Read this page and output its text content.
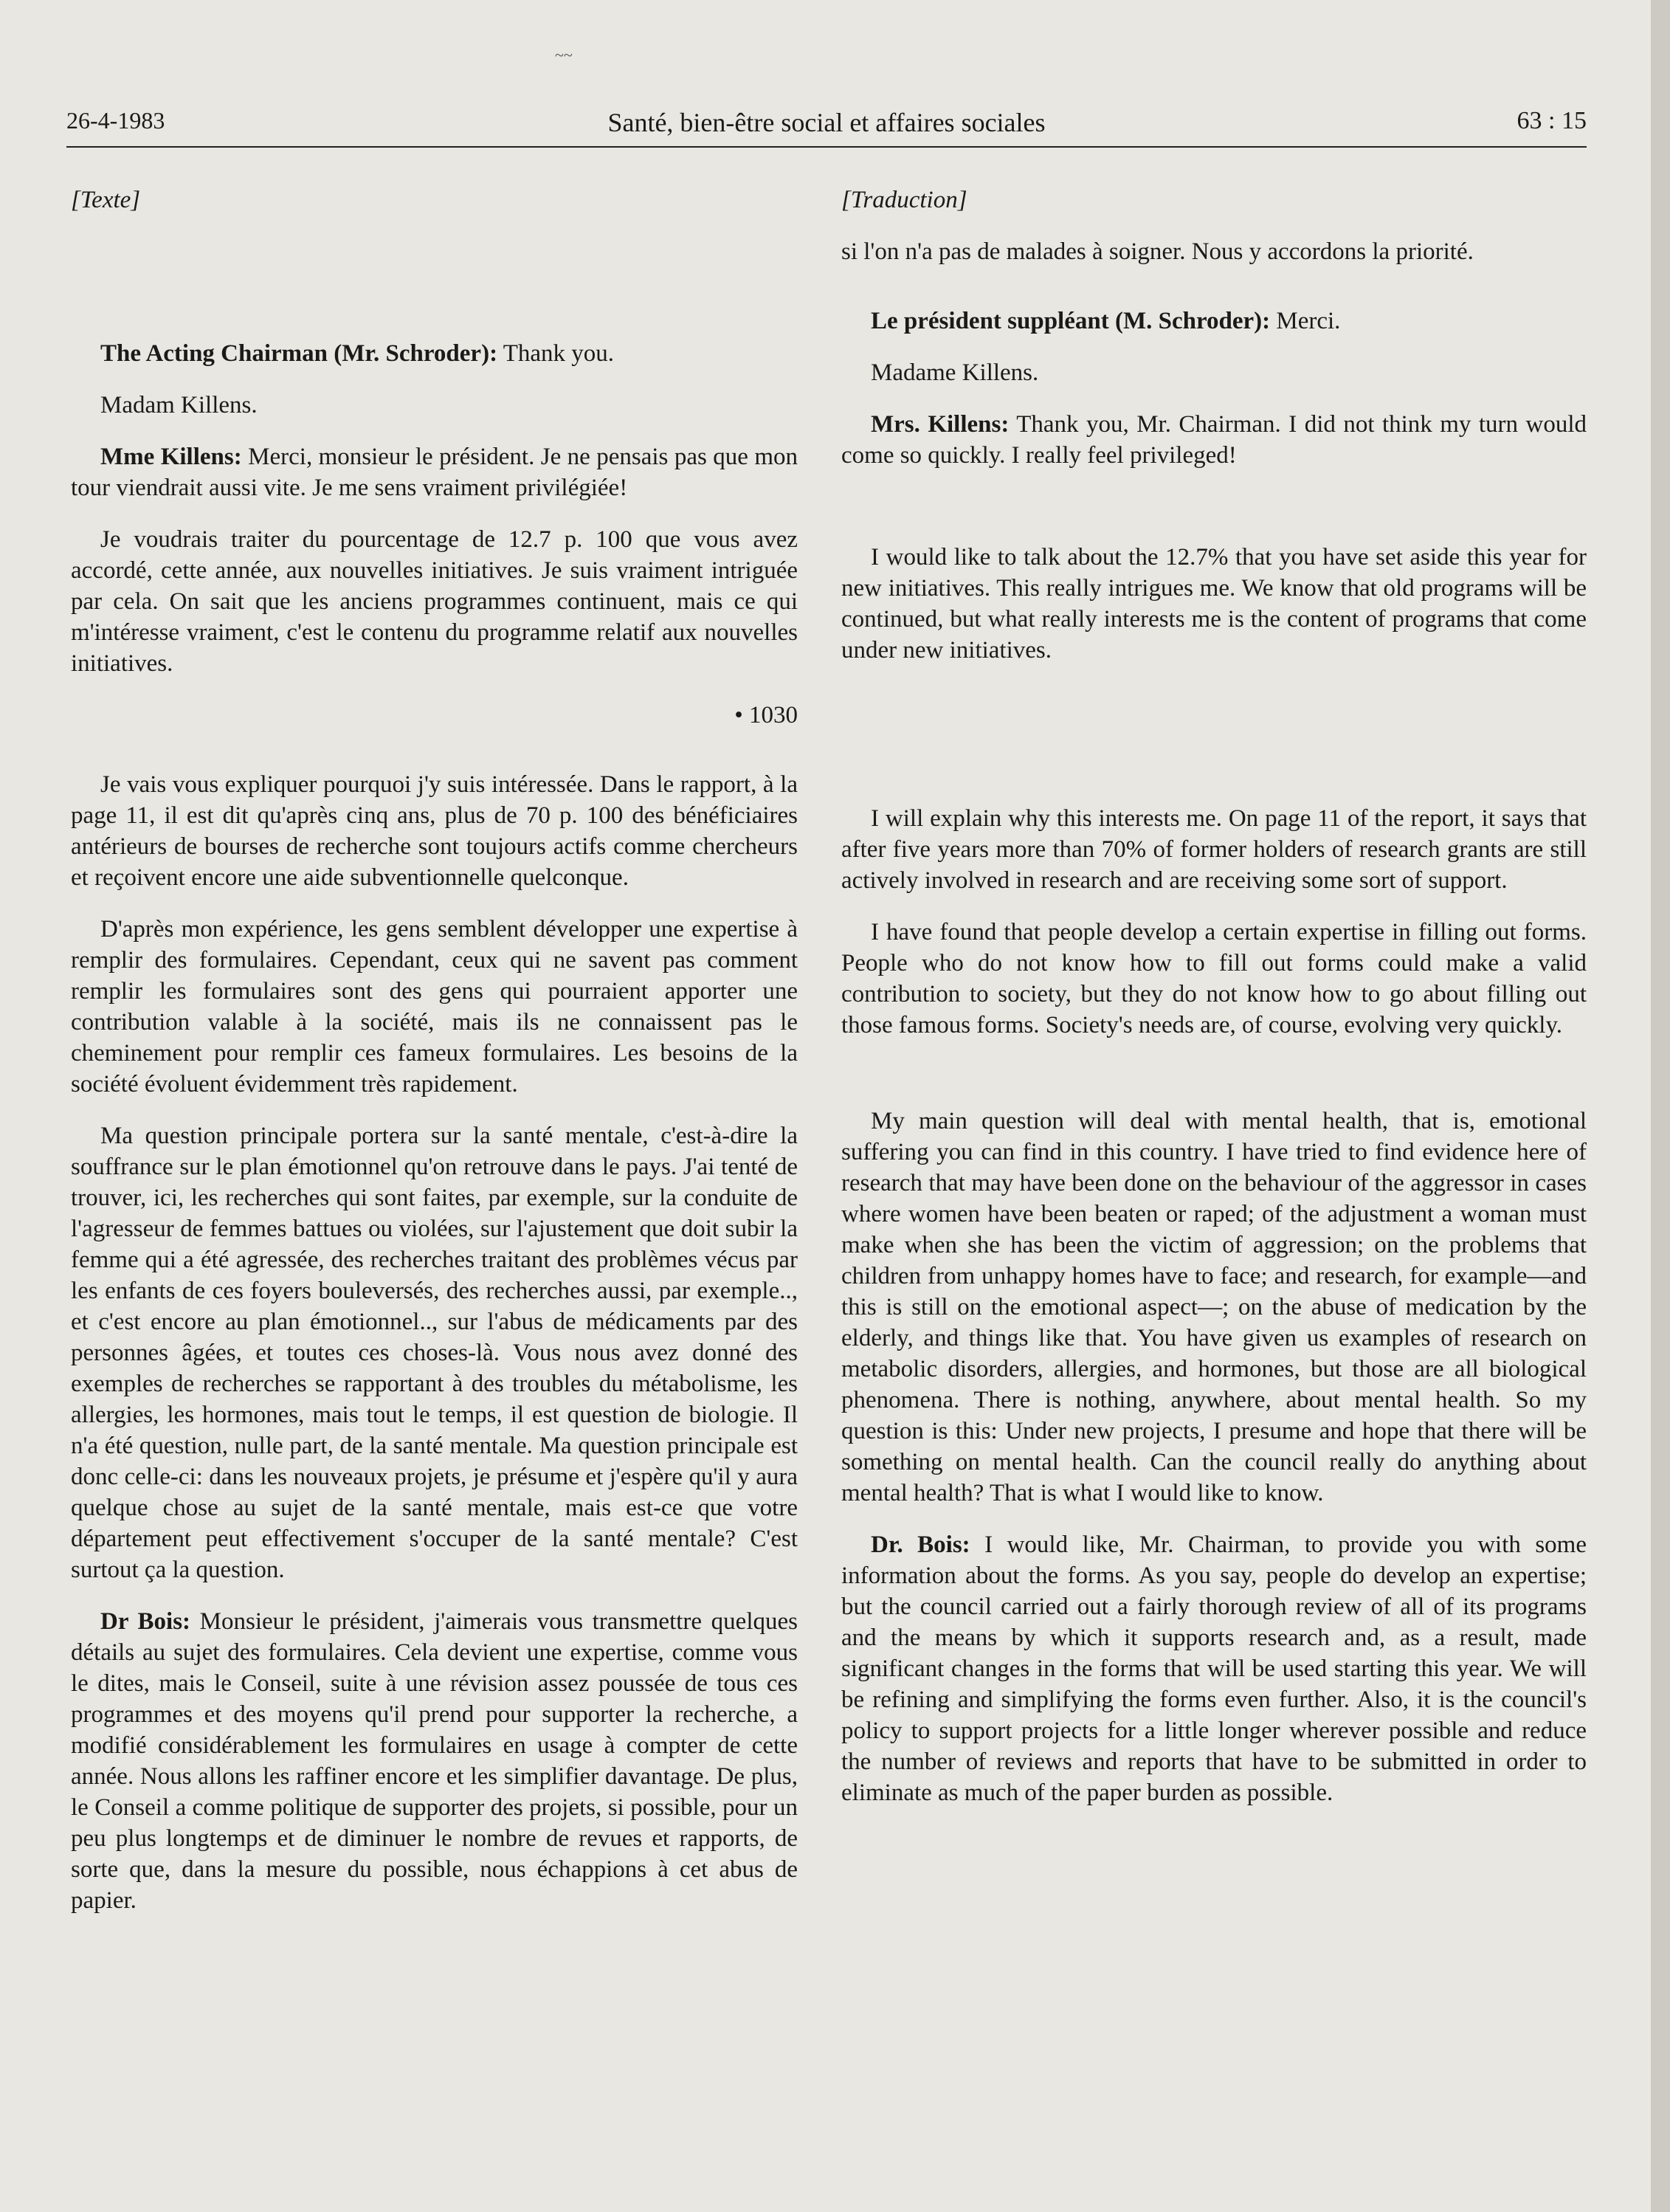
~~
26-4-1983	Santé, bien-être social et affaires sociales	63 : 15

[Texte]

The Acting Chairman (Mr. Schroder): Thank you.

Madam Killens.

Mme Killens: Merci, monsieur le président. Je ne pensais pas que mon tour viendrait aussi vite. Je me sens vraiment privilégiée!

Je voudrais traiter du pourcentage de 12.7 p. 100 que vous avez accordé, cette année, aux nouvelles initiatives. Je suis vraiment intriguée par cela. On sait que les anciens programmes continuent, mais ce qui m'intéresse vraiment, c'est le contenu du programme relatif aux nouvelles initiatives.

• 1030

Je vais vous expliquer pourquoi j'y suis intéressée. Dans le rapport, à la page 11, il est dit qu'après cinq ans, plus de 70 p. 100 des bénéficiaires antérieurs de bourses de recherche sont toujours actifs comme chercheurs et reçoivent encore une aide subventionnelle quelconque.

D'après mon expérience, les gens semblent développer une expertise à remplir des formulaires. Cependant, ceux qui ne savent pas comment remplir les formulaires sont des gens qui pourraient apporter une contribution valable à la société, mais ils ne connaissent pas le cheminement pour remplir ces fameux formulaires. Les besoins de la société évoluent évidemment très rapidement.

Ma question principale portera sur la santé mentale, c'est-à-dire la souffrance sur le plan émotionnel qu'on retrouve dans le pays. J'ai tenté de trouver, ici, les recherches qui sont faites, par exemple, sur la conduite de l'agresseur de femmes battues ou violées, sur l'ajustement que doit subir la femme qui a été agressée, des recherches traitant des problèmes vécus par les enfants de ces foyers bouleversés, des recherches aussi, par exemple.., et c'est encore au plan émotionnel.., sur l'abus de médicaments par des personnes âgées, et toutes ces choses-là. Vous nous avez donné des exemples de recherches se rapportant à des troubles du métabolisme, les allergies, les hormones, mais tout le temps, il est question de biologie. Il n'a été question, nulle part, de la santé mentale. Ma question principale est donc celle-ci: dans les nouveaux projets, je présume et j'espère qu'il y aura quelque chose au sujet de la santé mentale, mais est-ce que votre département peut effectivement s'occuper de la santé mentale? C'est surtout ça la question.

Dr Bois: Monsieur le président, j'aimerais vous transmettre quelques détails au sujet des formulaires. Cela devient une expertise, comme vous le dites, mais le Conseil, suite à une révision assez poussée de tous ces programmes et des moyens qu'il prend pour supporter la recherche, a modifié considérablement les formulaires en usage à compter de cette année. Nous allons les raffiner encore et les simplifier davantage. De plus, le Conseil a comme politique de supporter des projets, si possible, pour un peu plus longtemps et de diminuer le nombre de revues et rapports, de sorte que, dans la mesure du possible, nous échappions à cet abus de papier.

[Traduction]

si l'on n'a pas de malades à soigner. Nous y accordons la priorité.

Le président suppléant (M. Schroder): Merci.

Madame Killens.

Mrs. Killens: Thank you, Mr. Chairman. I did not think my turn would come so quickly. I really feel privileged!

I would like to talk about the 12.7% that you have set aside this year for new initiatives. This really intrigues me. We know that old programs will be continued, but what really interests me is the content of programs that come under new initiatives.

I will explain why this interests me. On page 11 of the report, it says that after five years more than 70% of former holders of research grants are still actively involved in research and are receiving some sort of support.

I have found that people develop a certain expertise in filling out forms. People who do not know how to fill out forms could make a valid contribution to society, but they do not know how to go about filling out those famous forms. Society's needs are, of course, evolving very quickly.

My main question will deal with mental health, that is, emotional suffering you can find in this country. I have tried to find evidence here of research that may have been done on the behaviour of the aggressor in cases where women have been beaten or raped; of the adjustment a woman must make when she has been the victim of aggression; on the problems that children from unhappy homes have to face; and research, for example—and this is still on the emotional aspect—; on the abuse of medication by the elderly, and things like that. You have given us examples of research on metabolic disorders, allergies, and hormones, but those are all biological phenomena. There is nothing, anywhere, about mental health. So my question is this: Under new projects, I presume and hope that there will be something on mental health. Can the council really do anything about mental health? That is what I would like to know.

Dr. Bois: I would like, Mr. Chairman, to provide you with some information about the forms. As you say, people do develop an expertise; but the council carried out a fairly thorough review of all of its programs and the means by which it supports research and, as a result, made significant changes in the forms that will be used starting this year. We will be refining and simplifying the forms even further. Also, it is the council's policy to support projects for a little longer wherever possible and reduce the number of reviews and reports that have to be submitted in order to eliminate as much of the paper burden as possible.
